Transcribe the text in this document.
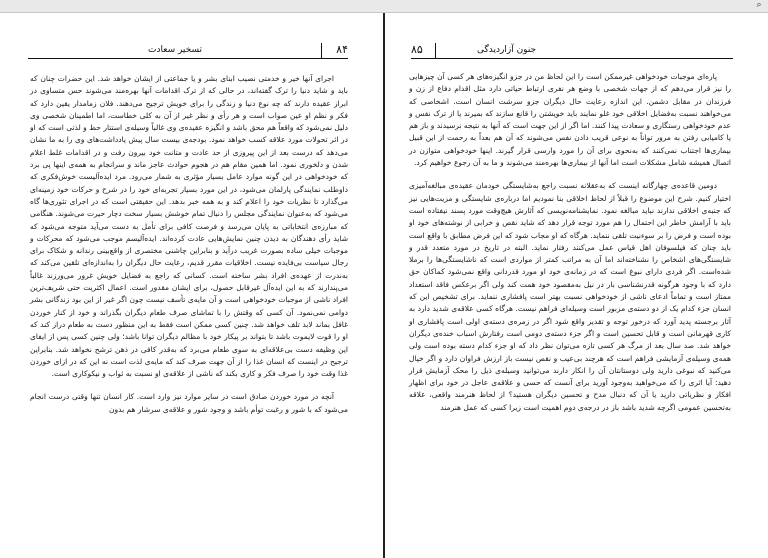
⌕
تسخیر سعادت	۸۴

اجرای آنها خیر و خدمتی نصیب ابنای بشر و یا جماعتی از ایشان خواهد شد. این حضرات چنان که باید و شاید دنیا را ترک گفته‌اند، در حالی که از ترک اقدامات آنها بهره‌مند می‌شوند حس متساوی در ابراز عقیده دارند که چه نوع دنیا و زندگی را برای خویش ترجیح می‌دهند. فلان زمامدار یقین دارد که فکر و نظم او عین صواب است و هر رأی و نظر غیر از آن به کلی خطاست، اما اطمینان شخصی وی دلیل نمی‌شود که واقعاً هم محق باشد و انگیزه عقیده‌ی وی غالباً وسیله‌ی استتار حظ و لذتی است که او در اثر تحولات مورد علاقه کسب خواهد نمود. بودجه‌ی بیست سال پیش یادداشت‌های وی را به ما نشان می‌دهد که درست بعد از این پیروزی از حد عادت و متانت خود بیرون رفت و در اقدامات غلط اعلام شدن و دلخوری نمود. اما همین مقام هم در هجوم حوادث عاجز ماند و سرانجام به همه‌ی اینها پی برد که خودخواهی در این گونه موارد عامل بسیار مؤثری به شمار می‌رود. مرد ایده‌آلیست خوش‌فکری که داوطلب نمایندگی پارلمان می‌شود، در این مورد بسیار تجربه‌ای خود را در شرح و حرکات خود زمینه‌ای می‌گذارد تا نظریات خود را اعلام کند و به همه خبر بدهد. این حقیقتی است که در اجرای تئوری‌ها گاه می‌شود که به‌عنوان نمایندگی مجلس را دنبال تمام خوشش بسیار سخت دچار حیرت می‌شوند. هنگامی که مبارزه‌ی انتخاباتی به پایان می‌رسد و فرصت کافی برای تأمل به دست می‌آید متوجه می‌شود که شاید رأی دهندگان به دیدن چنین نمایش‌هایی عادت کرده‌اند. ایده‌آلیسم موجب می‌شود که محرکات و موجبات خیلی ساده بصورت غریب درآید و بنابراین چاشنی مختصری از واقع‌بینی رندانه و شکاک برای رجال سیاست بی‌فایده نیست. اخلاقیات مقرر قدیم، رعایت حال دیگران را به‌اندازه‌ای تلقین می‌کند که به‌ندرت از عهده‌ی افراد بشر ساخته است. کسانی که راجع به فضایل خویش غرور می‌ورزند غالباً می‌پندارند که به این ایده‌آل غیرقابل حصول، برای ایشان مقدور است. اعمال اکثریت حتی شریف‌ترین افراد ناشی از موجبات خودخواهی است و آن مایه‌ی تأسف نیست چون اگر غیر از این بود زندگانی بشر دوامی نمی‌نمود. آن کسی که وقتش را با تماشای صرف طعام دیگران بگذراند و خود از کنار خوردن غافل بماند لابد تلف خواهد شد. چنین کسی ممکن است فقط به این منظور دست به طعام دراز کند که او را قوت لایموت باشد تا بتواند بر پیکار خود با مظالم دیگران توانا باشد؛ ولی چنین کسی پس از ایفای این وظیفه دست بی‌علاقه‌ای به سوی طعام می‌برد که به‌قدر کافی در ذهن ترشح نخواهد شد. بنابراین ترجیح در اینست که انسان غذا را از آن جهت صرف کند که مایه‌ی لذت است نه این که در ازای خوردن غذا وقت خود را صرف فکر و کاری بکند که ناشی از علاقه‌ی او نسبت به ثواب و نیکوکاری است.

آنچه در مورد خوردن صادق است در سایر موارد نیز وارد است. کار انسان تنها وقتی درست انجام می‌شود که با شور و رغبت توأم باشد و وجود شور و علاقه‌ی سرشار هم بدون

۸۵	جنون آزاردیدگی

پاره‌ای موجبات خودخواهی غیرممکن است را این لحاظ من در جزو انگیزه‌های هر کسی آن چیزهایی را نیز قرار می‌دهم که از جهات شخصی با وضع هر نفری ارتباط حیاتی دارد مثل اقدام دفاع از زن و فرزندان در مقابل دشمن. این اندازه رعایت حال دیگران جزو سرشت انسان است. اشخاصی که می‌خواهند نسبت به‌فضایل اخلاقی خود غلو نمایند باید خویشتن را قانع سازند که بمیرند یا از ترک نفس و عدم خودخواهی رستگاری و سعادت پیدا کنند. اما اگر از این جهت است که آنها به نتیجه نرسیدند و باز هم یا کامیابی رفتن به مرور تواناً به نوعی قریب دادن نفس می‌شوند که آن هم بعداً به رحمت از این قبیل بیماری‌ها اجتناب نمی‌کنند که به‌نحوی برای آن را مورد وارسی قرار گیرند. اینها خودخواهی متوازن در اتصال همیشه شامل مشکلات است اما آنها از بیماری‌ها بهره‌مند می‌شوند و ما به آن رجوع خواهیم کرد.

دومین قاعده‌ی چهارگانه اینست که به‌عقلانه نسبت راجع به‌شایستگی خودمان عقیده‌ی مبالغه‌آمیزی اختیار کنیم. شرح این موضوع را قبلاً از لحاظ اخلاقی بنا نمودیم اما درباره‌ی شایستگی و مزیت‌هایی نیز که جنبه‌ی اخلاقی ندارند نباید مبالغه نمود. نمایشنامه‌نویسی که آثارش هیچ‌وقت مورد پسند نیفتاده است باید با آرامش خاطر این احتمال را هم مورد توجه قرار دهد که شاید نقص و خرابی از نوشته‌های خود او بوده است و فرض را بر سوءنیت تلقی ننماید. هرگاه که او مجاب شود که این فرض مطابق با واقع است باید چنان که فیلسوفان اهل قیاس عمل می‌کنند رفتار نماید. البته در تاریخ در مورد متعدد قدر و شایستگی‌های اشخاص را نشناخته‌اند اما آن به مراتب کمتر از مواردی است که ناشایستگی‌ها را برملا شده‌است. اگر فردی دارای نبوغ است که در زمانه‌ی خود او مورد قدردانی واقع نمی‌شود کماکان حق دارد که با وجود هرگونه قدرنشناسی بار در نیل به‌مقصود خود همت کند ولی اگر برعکس فاقد استعداد ممتاز است و تماماً ادعای ناشی از خودخواهی نسبت بهتر است پافشاری ننماید. برای تشخیص این که انسان جزء کدام یک از دو دسته‌ی مزبور است وسیله‌ای فراهم نیست. هرگاه کسی علاقه‌ی شدید دارد به آثار برجسته پدید آورد که درخور توجه و تقدیر واقع شود اگر در زمره‌ی دسته‌ی اولی است پافشاری او کاری قهرمانی است و قابل تحسین است و اگر جزء دسته‌ی دومی است رفتارش اسباب خنده‌ی دیگران خواهد شد. صد سال بعد از مرگ هر کسی تازه می‌توان نظر داد که او جزء کدام دسته بوده است ولی همه‌ی وسیله‌ی آزمایشی فراهم است که هرچند بی‌عیب و نقص نیست باز ارزش فراوان دارد و اگر خیال می‌کنید که نبوغی دارید ولی دوستانتان آن را انکار دارند می‌توانید وسیله‌ی ذیل را محک آزمایش قرار دهید: آیا اثری را که می‌خواهید به‌وجود آورید برای آنست که حسی و علاقه‌ی عاجل در خود برای اظهار افکار و نظریاتی دارید یا آن که دنبال مدح و تحسین دیگران هستید؟ از لحاظ هنرمند واقعی، علاقه به‌تحسین عمومی اگرچه شدید باشد باز در درجه‌ی دوم اهمیت است زیرا کسی که عمل هنرمند
